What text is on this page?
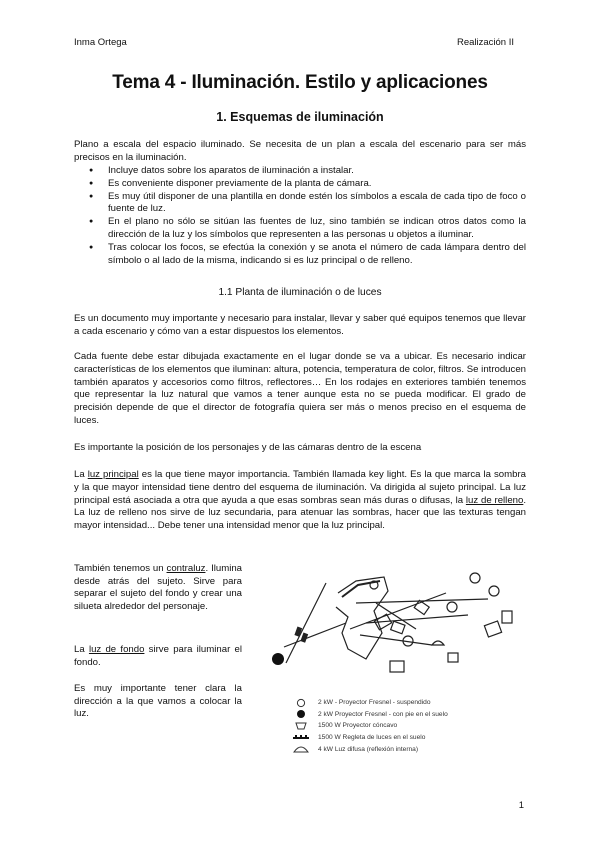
Inma Ortega	Realización II
Tema 4 - Iluminación. Estilo y aplicaciones
1. Esquemas de iluminación

Plano a escala del espacio iluminado. Se necesita de un plan a escala del escenario para ser más precisos en la iluminación.

● Incluye datos sobre los aparatos de iluminación a instalar.
● Es conveniente disponer previamente de la planta de cámara.
● Es muy útil disponer de una plantilla en donde estén los símbolos a escala de cada tipo de foco o fuente de luz.
● En el plano no sólo se sitúan las fuentes de luz, sino también se indican otros datos como la dirección de la luz y los símbolos que representen a las personas u objetos a iluminar.
● Tras colocar los focos, se efectúa la conexión y se anota el número de cada lámpara dentro del símbolo o al lado de la misma, indicando si es luz principal o de relleno.
1.1 Planta de iluminación o de luces

Es un documento muy importante y necesario para instalar, llevar y saber qué equipos tenemos que llevar a cada escenario y cómo van a estar dispuestos los elementos.

Cada fuente debe estar dibujada exactamente en el lugar donde se va a ubicar. Es necesario indicar características de los elementos que iluminan: altura, potencia, temperatura de color, filtros. Se introducen también aparatos y accesorios como filtros, reflectores… En los rodajes en exteriores también tenemos que representar la luz natural que vamos a tener aunque esta no se pueda modificar. El grado de precisión depende de que el director de fotografía quiera ser más o menos preciso en el esquema de luces.

Es importante la posición de los personajes y de las cámaras dentro de la escena

La luz principal es la que tiene mayor importancia. También llamada key light. Es la que marca la sombra y la que mayor intensidad tiene dentro del esquema de iluminación. Va dirigida al sujeto principal. La luz principal está asociada a otra que ayuda a que esas sombras sean más duras o difusas, la luz de relleno. La luz de relleno nos sirve de luz secundaria, para atenuar las sombras, hacer que las texturas tengan mayor intensidad... Debe tener una intensidad menor que la luz principal.

También tenemos un contraluz. Ilumina desde atrás del sujeto. Sirve para separar el sujeto del fondo y crear una silueta alrededor del personaje.

La luz de fondo sirve para iluminar el fondo.

Es muy importante tener clara la dirección a la que vamos a colocar la luz.

2 kW - Proyector Fresnel - suspendido
2 kW Proyector Fresnel - con pie en el suelo
1500 W Proyector cóncavo
1500 W Regleta de luces en el suelo
4 kW Luz difusa (reflexión interna)
1
